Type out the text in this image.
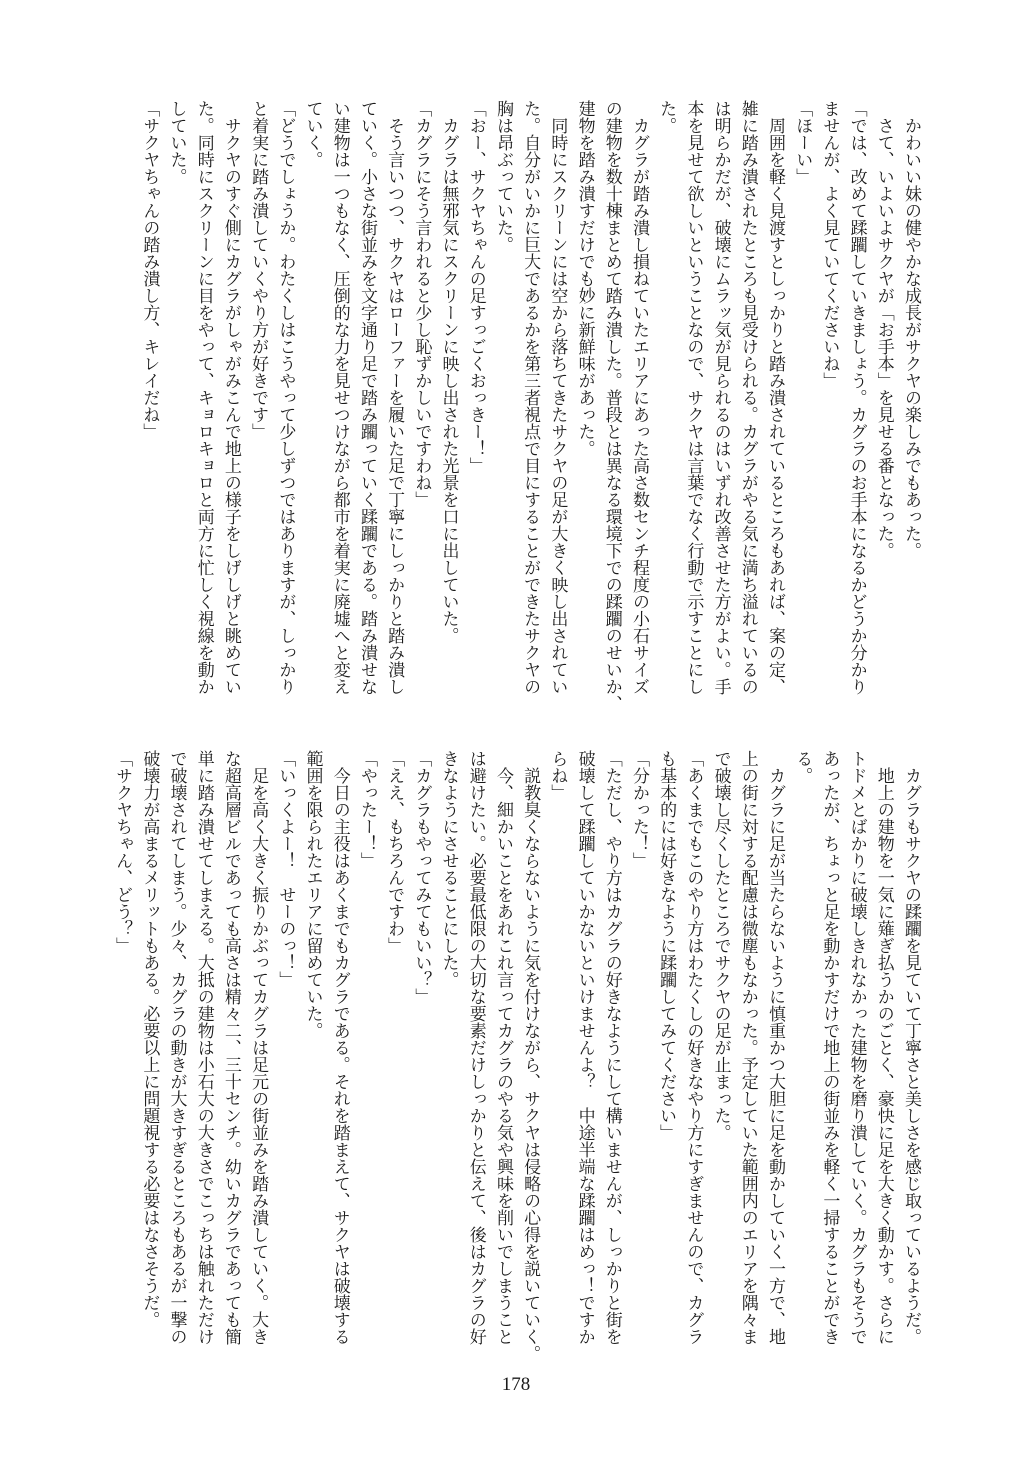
　かわいい妹の健やかな成長がサクヤの楽しみでもあった。
　さて、いよいよサクヤが「お手本」を見せる番となった。
「では、改めて蹂躙していきましょう。カグラのお手本になるかどうか分かり
ませんが、よく見ていてくださいね」
「ほーい」
　周囲を軽く見渡すとしっかりと踏み潰されているところもあれば、案の定、
雑に踏み潰されたところも見受けられる。カグラがやる気に満ち溢れているの
は明らかだが、破壊にムラッ気が見られるのはいずれ改善させた方がよい。手
本を見せて欲しいということなので、サクヤは言葉でなく行動で示すことにし
た。
　カグラが踏み潰し損ねていたエリアにあった高さ数センチ程度の小石サイズ
の建物を数十棟まとめて踏み潰した。普段とは異なる環境下での蹂躙のせいか、
建物を踏み潰すだけでも妙に新鮮味があった。
　同時にスクリーンには空から落ちてきたサクヤの足が大きく映し出されてい
た。自分がいかに巨大であるかを第三者視点で目にすることができたサクヤの
胸は昂ぶっていた。
「おー、サクヤちゃんの足すっごくおっきー！」
　カグラは無邪気にスクリーンに映し出された光景を口に出していた。
「カグラにそう言われると少し恥ずかしいですわね」
　そう言いつつ、サクヤはローファーを履いた足で丁寧にしっかりと踏み潰し
ていく。小さな街並みを文字通り足で踏み躙っていく蹂躙である。踏み潰せな
い建物は一つもなく、圧倒的な力を見せつけながら都市を着実に廃墟へと変え
ていく。
「どうでしょうか。わたくしはこうやって少しずつではありますが、しっかり
と着実に踏み潰していくやり方が好きです」
　サクヤのすぐ側にカグラがしゃがみこんで地上の様子をしげしげと眺めてい
た。同時にスクリーンに目をやって、キョロキョロと両方に忙しく視線を動か
していた。
「サクヤちゃんの踏み潰し方、キレイだね」
　カグラもサクヤの蹂躙を見ていて丁寧さと美しさを感じ取っているようだ。
　地上の建物を一気に薙ぎ払うかのごとく、豪快に足を大きく動かす。さらに
トドメとばかりに破壊しきれなかった建物を磨り潰していく。カグラもそうで
あったが、ちょっと足を動かすだけで地上の街並みを軽く一掃することができ
る。
　カグラに足が当たらないように慎重かつ大胆に足を動かしていく一方で、地
上の街に対する配慮は微塵もなかった。予定していた範囲内のエリアを隅々ま
で破壊し尽くしたところでサクヤの足が止まった。
「あくまでもこのやり方はわたくしの好きなやり方にすぎませんので、カグラ
も基本的には好きなように蹂躙してみてください」
「分かった！」
「ただし、やり方はカグラの好きなようにして構いませんが、しっかりと街を
破壊して蹂躙していかないといけませんよ？　中途半端な蹂躙はめっ！ですか
らね」
　説教臭くならないように気を付けながら、サクヤは侵略の心得を説いていく。
　今、細かいことをあれこれ言ってカグラのやる気や興味を削いでしまうこと
は避けたい。必要最低限の大切な要素だけしっかりと伝えて、後はカグラの好
きなようにさせることにした。
「カグラもやってみてもいい？」
「ええ、もちろんですわ」
「やったー！」
　今日の主役はあくまでもカグラである。それを踏まえて、サクヤは破壊する
範囲を限られたエリアに留めていた。
「いっくよー！　せーのっ！」
　足を高く大きく振りかぶってカグラは足元の街並みを踏み潰していく。大き
な超高層ビルであっても高さは精々二、三十センチ。幼いカグラであっても簡
単に踏み潰せてしまえる。大抵の建物は小石大の大きさでこっちは触れただけ
で破壊されてしまう。少々、カグラの動きが大きすぎるところもあるが一撃の
破壊力が高まるメリットもある。必要以上に問題視する必要はなさそうだ。
「サクヤちゃん、どう？」
178
